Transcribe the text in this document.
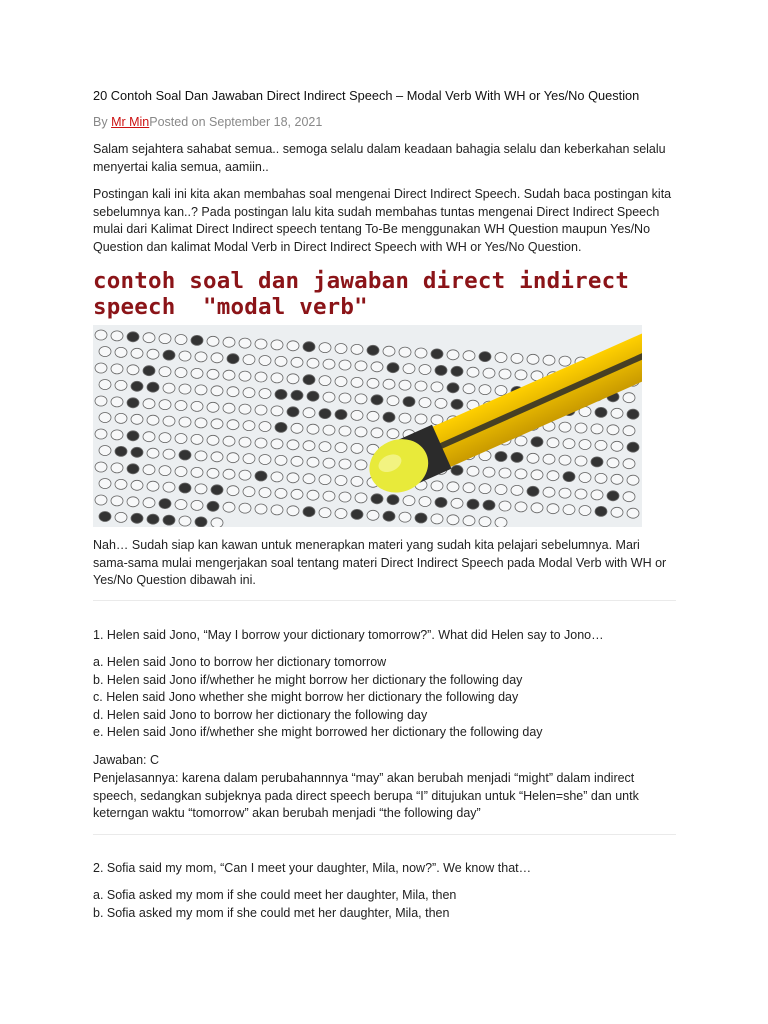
20 Contoh Soal Dan Jawaban Direct Indirect Speech – Modal Verb With WH or Yes/No Question
By Mr MinPosted on September 18, 2021

Salam sejahtera sahabat semua.. semoga selalu dalam keadaan bahagia selalu dan keberkahan selalu menyertai kalia semua, aamiin..

Postingan kali ini kita akan membahas soal mengenai Direct Indirect Speech. Sudah baca postingan kita sebelumnya kan..? Pada postingan lalu kita sudah membahas tuntas mengenai Direct Indirect Speech mulai dari Kalimat Direct Indirect speech tentang To-Be menggunakan WH Question maupun Yes/No Question dan kalimat Modal Verb in Direct Indirect Speech with WH or Yes/No Question.

contoh soal dan jawaban direct indirect
speech  "modal verb"

Nah… Sudah siap kan kawan untuk menerapkan materi yang sudah kita pelajari sebelumnya. Mari sama-sama mulai mengerjakan soal tentang materi Direct Indirect Speech pada Modal Verb with WH or Yes/No Question dibawah ini.

1. Helen said Jono, “May I borrow your dictionary tomorrow?”. What did Helen say to Jono…

a. Helen said Jono to borrow her dictionary tomorrow
b. Helen said Jono if/whether he might borrow her dictionary the following day
c. Helen said Jono whether she might borrow her dictionary the following day
d. Helen said Jono to borrow her dictionary the following day
e. Helen said Jono if/whether she might borrowed her dictionary the following day

Jawaban: C

Penjelasannya: karena dalam perubahannnya “may” akan berubah menjadi “might” dalam indirect speech, sedangkan subjeknya pada direct speech berupa “I” ditujukan untuk “Helen=she” dan untk keterngan waktu “tomorrow” akan berubah menjadi “the following day”

2. Sofia said my mom, “Can I meet your daughter, Mila, now?”. We know that…

a. Sofia asked my mom if she could meet her daughter, Mila, then
b. Sofia asked my mom if she could met her daughter, Mila, then
